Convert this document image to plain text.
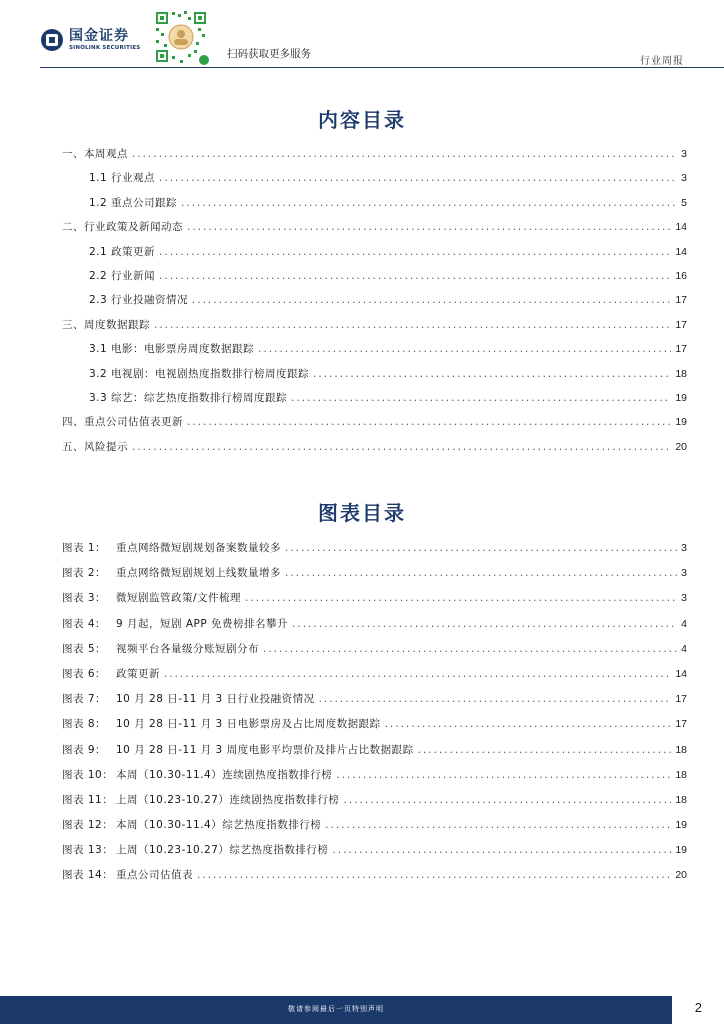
国金证券
SINOLINK SECURITIES	扫码获取更多服务
行业周报
内容目录
一、本周观点 .....	3
1.1 行业观点 .....	3
1.2 重点公司跟踪 .....	5
二、行业政策及新闻动态 .....	14
2.1 政策更新 .....	14
2.2 行业新闻 .....	16
2.3 行业投融资情况 .....	17
三、周度数据跟踪 .....	17
3.1 电影：电影票房周度数据跟踪 .....	17
3.2 电视剧：电视剧热度指数排行榜周度跟踪 .....	18
3.3 综艺：综艺热度指数排行榜周度跟踪 .....	19
四、重点公司估值表更新 .....	19
五、风险提示 .....	20
图表目录
图表 1： 重点网络微短剧规划备案数量较多 .....	3
图表 2： 重点网络微短剧规划上线数量增多 .....	3
图表 3： 微短剧监管政策/文件梳理 .....	3
图表 4： 9 月起，短剧 APP 免费榜排名攀升 .....	4
图表 5： 视频平台各量级分账短剧分布 .....	4
图表 6： 政策更新 .....	14
图表 7： 10 月 28 日-11 月 3 日行业投融资情况 .....	17
图表 8： 10 月 28 日-11 月 3 日电影票房及占比周度数据跟踪 .....	17
图表 9： 10 月 28 日-11 月 3 周度电影平均票价及排片占比数据跟踪 .....	18
图表 10： 本周（10.30-11.4）连续剧热度指数排行榜 .....	18
图表 11： 上周（10.23-10.27）连续剧热度指数排行榜 .....	18
图表 12： 本周（10.30-11.4）综艺热度指数排行榜 .....	19
图表 13： 上周（10.23-10.27）综艺热度指数排行榜 .....	19
图表 14： 重点公司估值表 .....	20
敬请参阅最后一页特别声明	2
